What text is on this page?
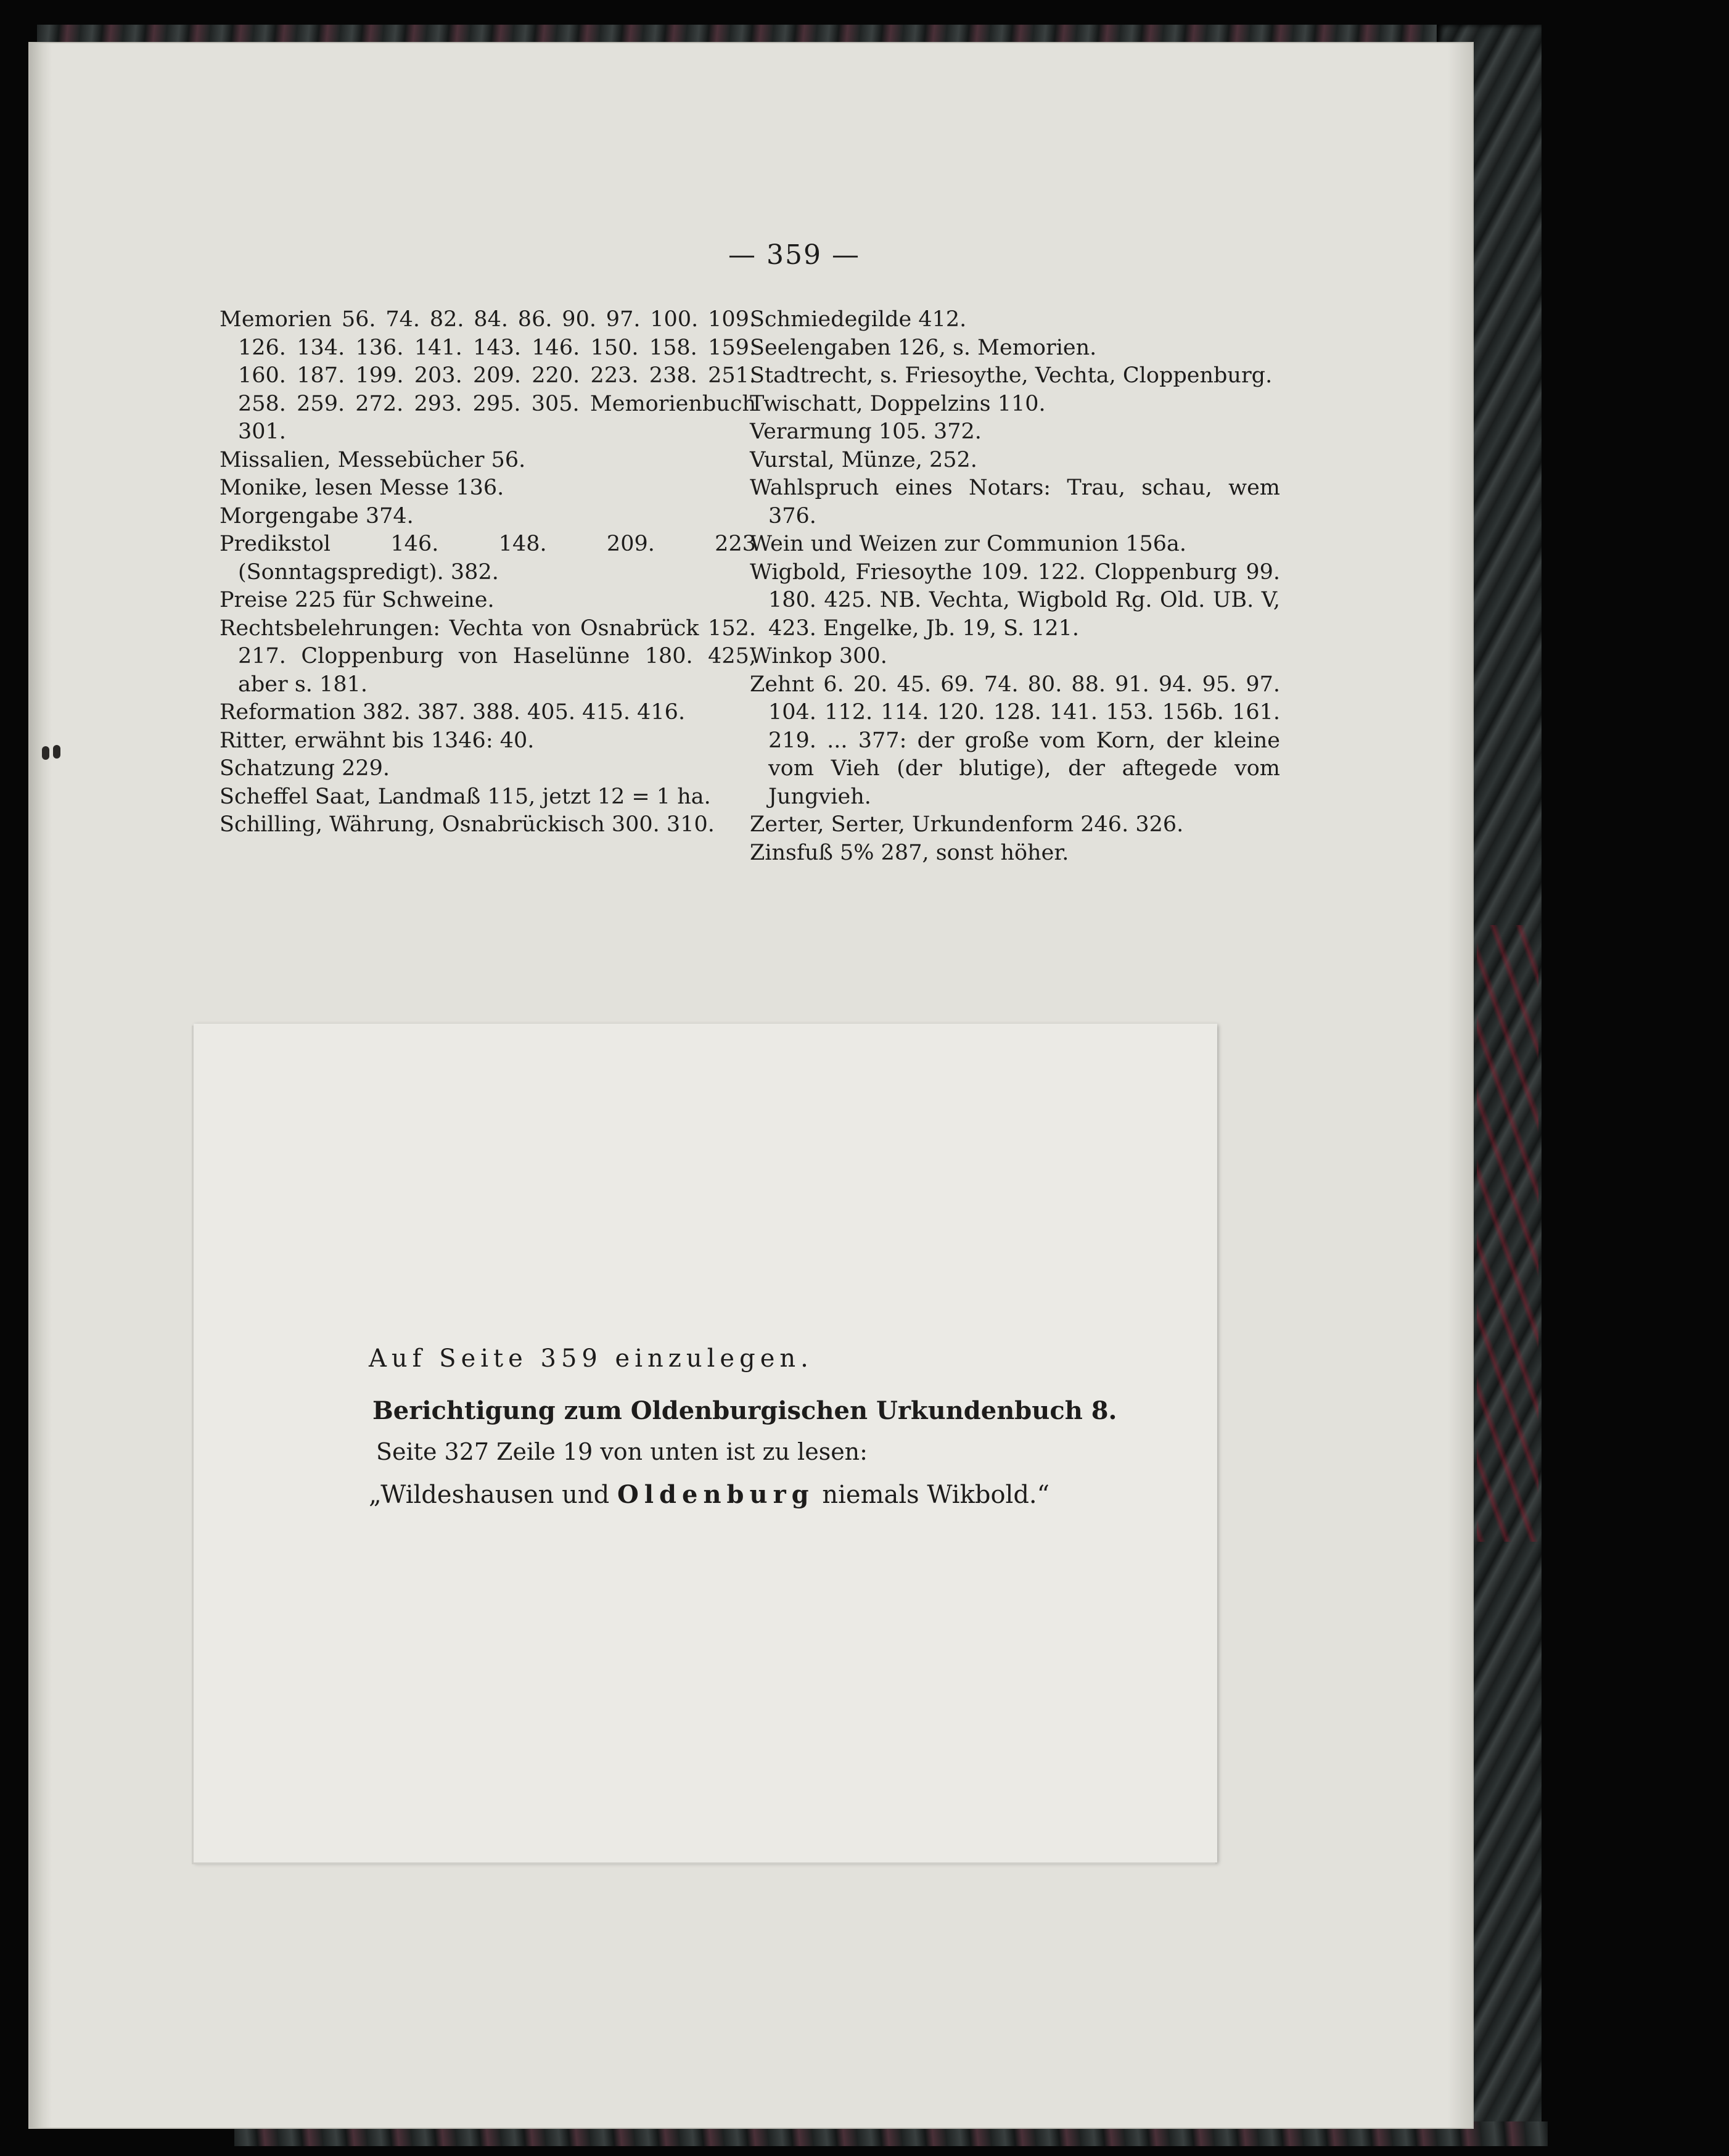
— 359 —

Memorien 56. 74. 82. 84. 86. 90. 97. 100. 109. 126. 134. 136. 141. 143. 146. 150. 158. 159. 160. 187. 199. 203. 209. 220. 223. 238. 251. 258. 259. 272. 293. 295. 305. Memorienbuch 301.

Missalien, Messebücher 56.

Monike, lesen Messe 136.

Morgengabe 374.

Predikstol 146. 148. 209. 223 (Sonntagspredigt). 382.

Preise 225 für Schweine.

Rechtsbelehrungen: Vechta von Osnabrück 152. 217. Cloppenburg von Haselünne 180. 425, aber s. 181.

Reformation 382. 387. 388. 405. 415. 416.

Ritter, erwähnt bis 1346: 40.

Schatzung 229.

Scheffel Saat, Landmaß 115, jetzt 12 = 1 ha.

Schilling, Währung, Osnabrückisch 300. 310.

Schmiedegilde 412.

Seelengaben 126, s. Memorien.

Stadtrecht, s. Friesoythe, Vechta, Cloppenburg.

Twischatt, Doppelzins 110.

Verarmung 105. 372.

Vurstal, Münze, 252.

Wahlspruch eines Notars: Trau, schau, wem 376.

Wein und Weizen zur Communion 156a.

Wigbold, Friesoythe 109. 122. Cloppenburg 99. 180. 425. NB. Vechta, Wigbold Rg. Old. UB. V, 423. Engelke, Jb. 19, S. 121.

Winkop 300.

Zehnt 6. 20. 45. 69. 74. 80. 88. 91. 94. 95. 97. 104. 112. 114. 120. 128. 141. 153. 156b. 161. 219. ... 377: der große vom Korn, der kleine vom Vieh (der blutige), der aftegede vom Jungvieh.

Zerter, Serter, Urkundenform 246. 326.

Zinsfuß 5% 287, sonst höher.

Auf Seite 359 einzulegen.
Berichtigung zum Oldenburgischen Urkundenbuch 8.
Seite 327 Zeile 19 von unten ist zu lesen:
„Wildeshausen und Oldenburg niemals Wikbold.“
